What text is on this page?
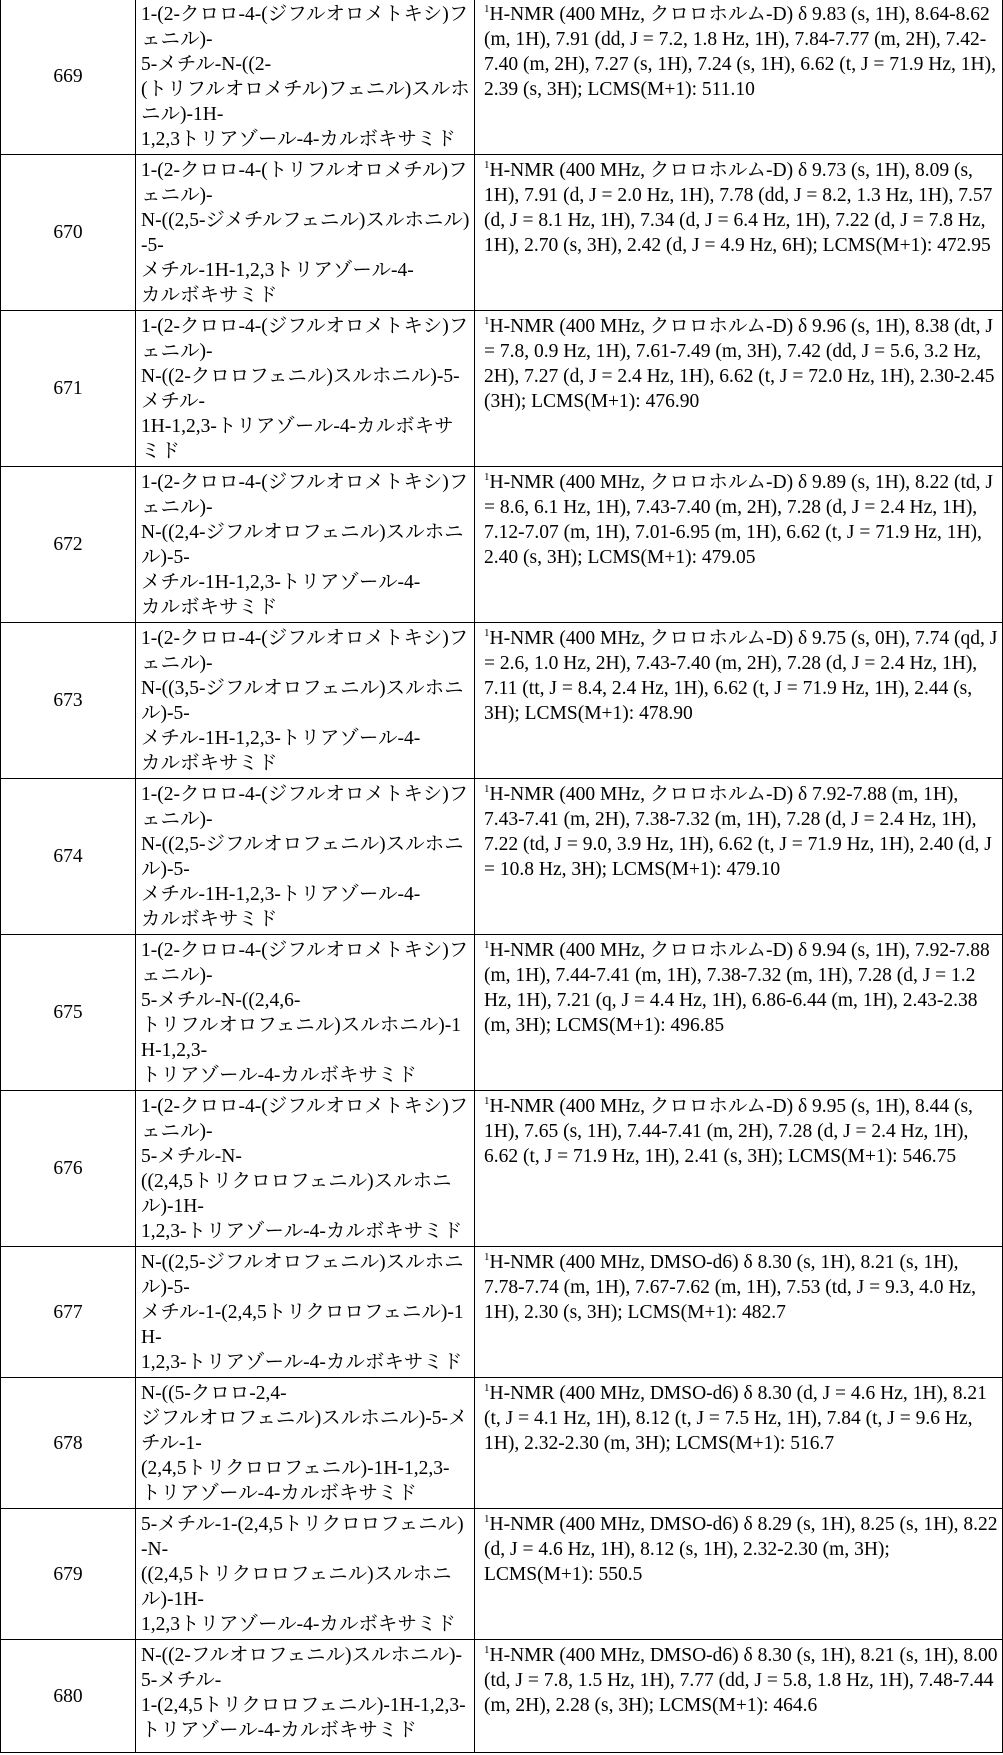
669	
1-(2-クロロ-4-(ジフルオロメトキシ)フェニル)-
5-メチル-N-((2-
(トリフルオロメチル)フェニル)スルホニル)-1H-
1,2,3トリアゾール-4-カルボキサミド
	1H-NMR (400 MHz, クロロホルム-D) δ 9.83 (s, 1H), 8.64-8.62 (m, 1H), 7.91 (dd, J = 7.2, 1.8 Hz, 1H), 7.84-7.77 (m, 2H), 7.42-7.40 (m, 2H), 7.27 (s, 1H), 7.24 (s, 1H), 6.62 (t, J = 71.9 Hz, 1H), 2.39 (s, 3H); LCMS(M+1): 511.10
670	
1-(2-クロロ-4-(トリフルオロメチル)フェニル)-
N-((2,5-ジメチルフェニル)スルホニル)-5-
メチル-1H-1,2,3トリアゾール-4-
カルボキサミド
	1H-NMR (400 MHz, クロロホルム-D) δ 9.73 (s, 1H), 8.09 (s, 1H), 7.91 (d, J = 2.0 Hz, 1H), 7.78 (dd, J = 8.2, 1.3 Hz, 1H), 7.57 (d, J = 8.1 Hz, 1H), 7.34 (d, J = 6.4 Hz, 1H), 7.22 (d, J = 7.8 Hz, 1H), 2.70 (s, 3H), 2.42 (d, J = 4.9 Hz, 6H); LCMS(M+1): 472.95
671	
1-(2-クロロ-4-(ジフルオロメトキシ)フェニル)-
N-((2-クロロフェニル)スルホニル)-5-メチル-
1H-1,2,3-トリアゾール-4-カルボキサミド
	1H-NMR (400 MHz, クロロホルム-D) δ 9.96 (s, 1H), 8.38 (dt, J = 7.8, 0.9 Hz, 1H), 7.61-7.49 (m, 3H), 7.42 (dd, J = 5.6, 3.2 Hz, 2H), 7.27 (d, J = 2.4 Hz, 1H), 6.62 (t, J = 72.0 Hz, 1H), 2.30-2.45 (3H); LCMS(M+1): 476.90
672	
1-(2-クロロ-4-(ジフルオロメトキシ)フェニル)-
N-((2,4-ジフルオロフェニル)スルホニル)-5-
メチル-1H-1,2,3-トリアゾール-4-
カルボキサミド
	1H-NMR (400 MHz, クロロホルム-D) δ 9.89 (s, 1H), 8.22 (td, J = 8.6, 6.1 Hz, 1H), 7.43-7.40 (m, 2H), 7.28 (d, J = 2.4 Hz, 1H), 7.12-7.07 (m, 1H), 7.01-6.95 (m, 1H), 6.62 (t, J = 71.9 Hz, 1H), 2.40 (s, 3H); LCMS(M+1): 479.05
673	
1-(2-クロロ-4-(ジフルオロメトキシ)フェニル)-
N-((3,5-ジフルオロフェニル)スルホニル)-5-
メチル-1H-1,2,3-トリアゾール-4-
カルボキサミド
	1H-NMR (400 MHz, クロロホルム-D) δ 9.75 (s, 0H), 7.74 (qd, J = 2.6, 1.0 Hz, 2H), 7.43-7.40 (m, 2H), 7.28 (d, J = 2.4 Hz, 1H), 7.11 (tt, J = 8.4, 2.4 Hz, 1H), 6.62 (t, J = 71.9 Hz, 1H), 2.44 (s, 3H); LCMS(M+1): 478.90
674	
1-(2-クロロ-4-(ジフルオロメトキシ)フェニル)-
N-((2,5-ジフルオロフェニル)スルホニル)-5-
メチル-1H-1,2,3-トリアゾール-4-
カルボキサミド
	1H-NMR (400 MHz, クロロホルム-D) δ 7.92-7.88 (m, 1H), 7.43-7.41 (m, 2H), 7.38-7.32 (m, 1H), 7.28 (d, J = 2.4 Hz, 1H), 7.22 (td, J = 9.0, 3.9 Hz, 1H), 6.62 (t, J = 71.9 Hz, 1H), 2.40 (d, J = 10.8 Hz, 3H); LCMS(M+1): 479.10
675	
1-(2-クロロ-4-(ジフルオロメトキシ)フェニル)-
5-メチル-N-((2,4,6-
トリフルオロフェニル)スルホニル)-1H-1,2,3-
トリアゾール-4-カルボキサミド
	1H-NMR (400 MHz, クロロホルム-D) δ 9.94 (s, 1H), 7.92-7.88 (m, 1H), 7.44-7.41 (m, 1H), 7.38-7.32 (m, 1H), 7.28 (d, J = 1.2 Hz, 1H), 7.21 (q, J = 4.4 Hz, 1H), 6.86-6.44 (m, 1H), 2.43-2.38 (m, 3H); LCMS(M+1): 496.85
676	
1-(2-クロロ-4-(ジフルオロメトキシ)フェニル)-
5-メチル-N-
((2,4,5トリクロロフェニル)スルホニル)-1H-
1,2,3-トリアゾール-4-カルボキサミド
	1H-NMR (400 MHz, クロロホルム-D) δ 9.95 (s, 1H), 8.44 (s, 1H), 7.65 (s, 1H), 7.44-7.41 (m, 2H), 7.28 (d, J = 2.4 Hz, 1H), 6.62 (t, J = 71.9 Hz, 1H), 2.41 (s, 3H); LCMS(M+1): 546.75
677	
N-((2,5-ジフルオロフェニル)スルホニル)-5-
メチル-1-(2,4,5トリクロロフェニル)-1H-
1,2,3-トリアゾール-4-カルボキサミド
	1H-NMR (400 MHz, DMSO-d6) δ 8.30 (s, 1H), 8.21 (s, 1H), 7.78-7.74 (m, 1H), 7.67-7.62 (m, 1H), 7.53 (td, J = 9.3, 4.0 Hz, 1H), 2.30 (s, 3H); LCMS(M+1): 482.7
678	
N-((5-クロロ-2,4-
ジフルオロフェニル)スルホニル)-5-メチル-1-
(2,4,5トリクロロフェニル)-1H-1,2,3-
トリアゾール-4-カルボキサミド
	1H-NMR (400 MHz, DMSO-d6) δ 8.30 (d, J = 4.6 Hz, 1H), 8.21 (t, J = 4.1 Hz, 1H), 8.12 (t, J = 7.5 Hz, 1H), 7.84 (t, J = 9.6 Hz, 1H), 2.32-2.30 (m, 3H); LCMS(M+1): 516.7
679	
5-メチル-1-(2,4,5トリクロロフェニル)-N-
((2,4,5トリクロロフェニル)スルホニル)-1H-
1,2,3トリアゾール-4-カルボキサミド
	1H-NMR (400 MHz, DMSO-d6) δ 8.29 (s, 1H), 8.25 (s, 1H), 8.22 (d, J = 4.6 Hz, 1H), 8.12 (s, 1H), 2.32-2.30 (m, 3H); LCMS(M+1): 550.5
680	
N-((2-フルオロフェニル)スルホニル)-5-メチル-
1-(2,4,5トリクロロフェニル)-1H-1,2,3-
トリアゾール-4-カルボキサミド
	1H-NMR (400 MHz, DMSO-d6) δ 8.30 (s, 1H), 8.21 (s, 1H), 8.00 (td, J = 7.8, 1.5 Hz, 1H), 7.77 (dd, J = 5.8, 1.8 Hz, 1H), 7.48-7.44 (m, 2H), 2.28 (s, 3H); LCMS(M+1): 464.6
